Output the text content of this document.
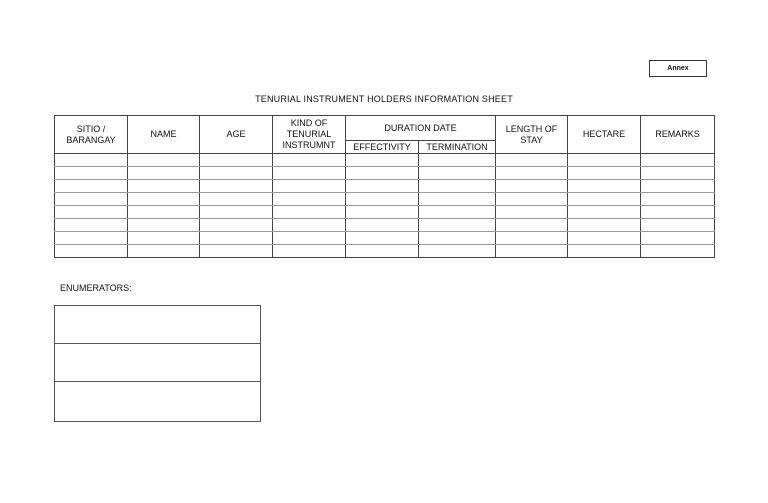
Annex
TENURIAL INSTRUMENT HOLDERS INFORMATION SHEET
SITIO / BARANGAY	NAME	AGE	KIND OF TENURIAL INSTRUMNT	DURATION DATE		LENGTH OF STAY	HECTARE	REMARKS
				EFFECTIVITY	TERMINATION			

ENUMERATORS:
